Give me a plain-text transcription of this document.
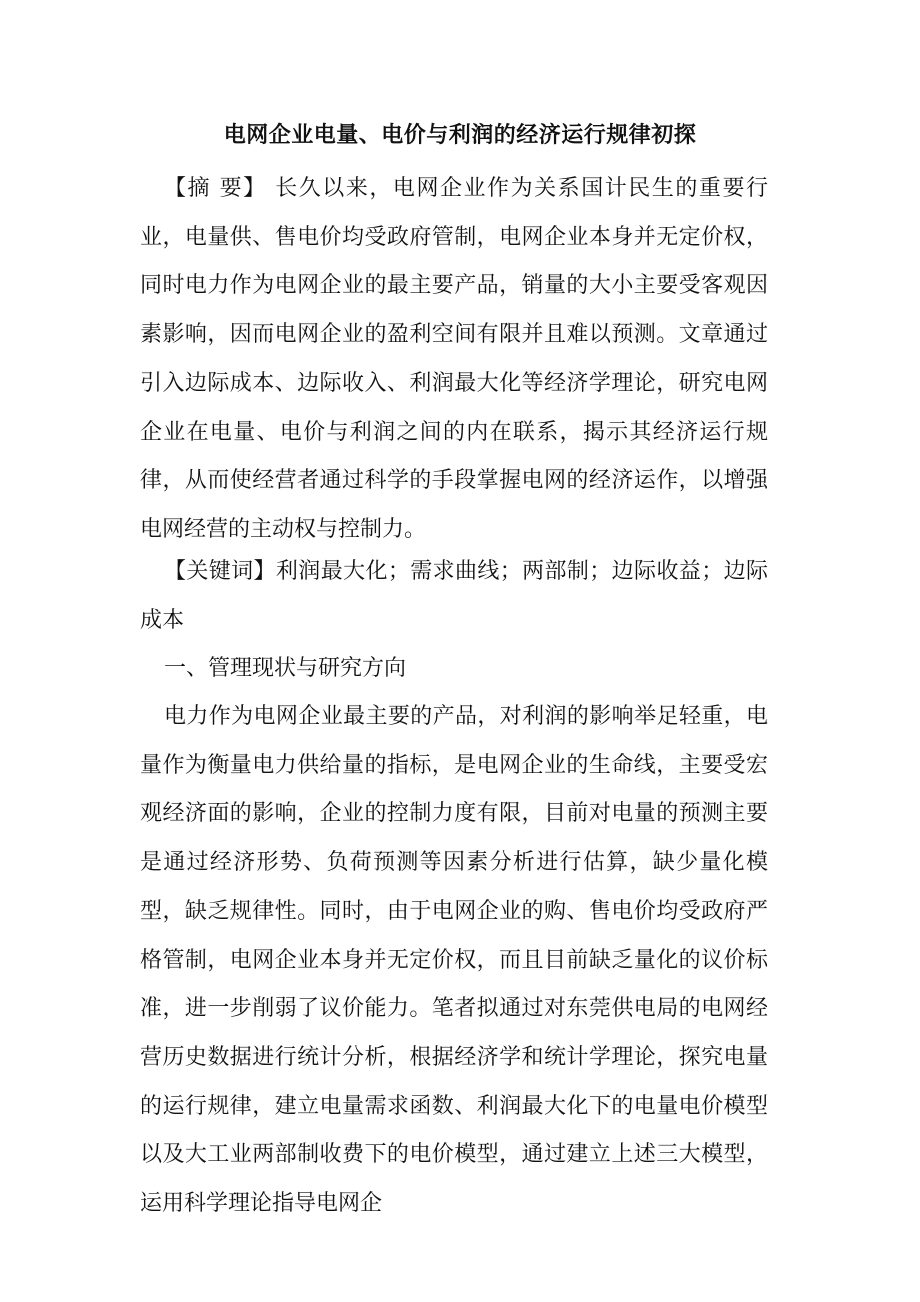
电网企业电量、电价与利润的经济运行规律初探

【摘 要】 长久以来，电网企业作为关系国计民生的重要行业，电量供、售电价均受政府管制，电网企业本身并无定价权，同时电力作为电网企业的最主要产品，销量的大小主要受客观因素影响，因而电网企业的盈利空间有限并且难以预测。文章通过引入边际成本、边际收入、利润最大化等经济学理论，研究电网企业在电量、电价与利润之间的内在联系，揭示其经济运行规律，从而使经营者通过科学的手段掌握电网的经济运作，以增强电网经营的主动权与控制力。

【关键词】利润最大化；需求曲线；两部制；边际收益；边际成本

一、管理现状与研究方向

电力作为电网企业最主要的产品，对利润的影响举足轻重，电量作为衡量电力供给量的指标，是电网企业的生命线，主要受宏观经济面的影响，企业的控制力度有限，目前对电量的预测主要是通过经济形势、负荷预测等因素分析进行估算，缺少量化模型，缺乏规律性。同时，由于电网企业的购、售电价均受政府严格管制，电网企业本身并无定价权，而且目前缺乏量化的议价标准，进一步削弱了议价能力。笔者拟通过对东莞供电局的电网经营历史数据进行统计分析，根据经济学和统计学理论，探究电量的运行规律，建立电量需求函数、利润最大化下的电量电价模型以及大工业两部制收费下的电价模型，通过建立上述三大模型，运用科学理论指导电网企
